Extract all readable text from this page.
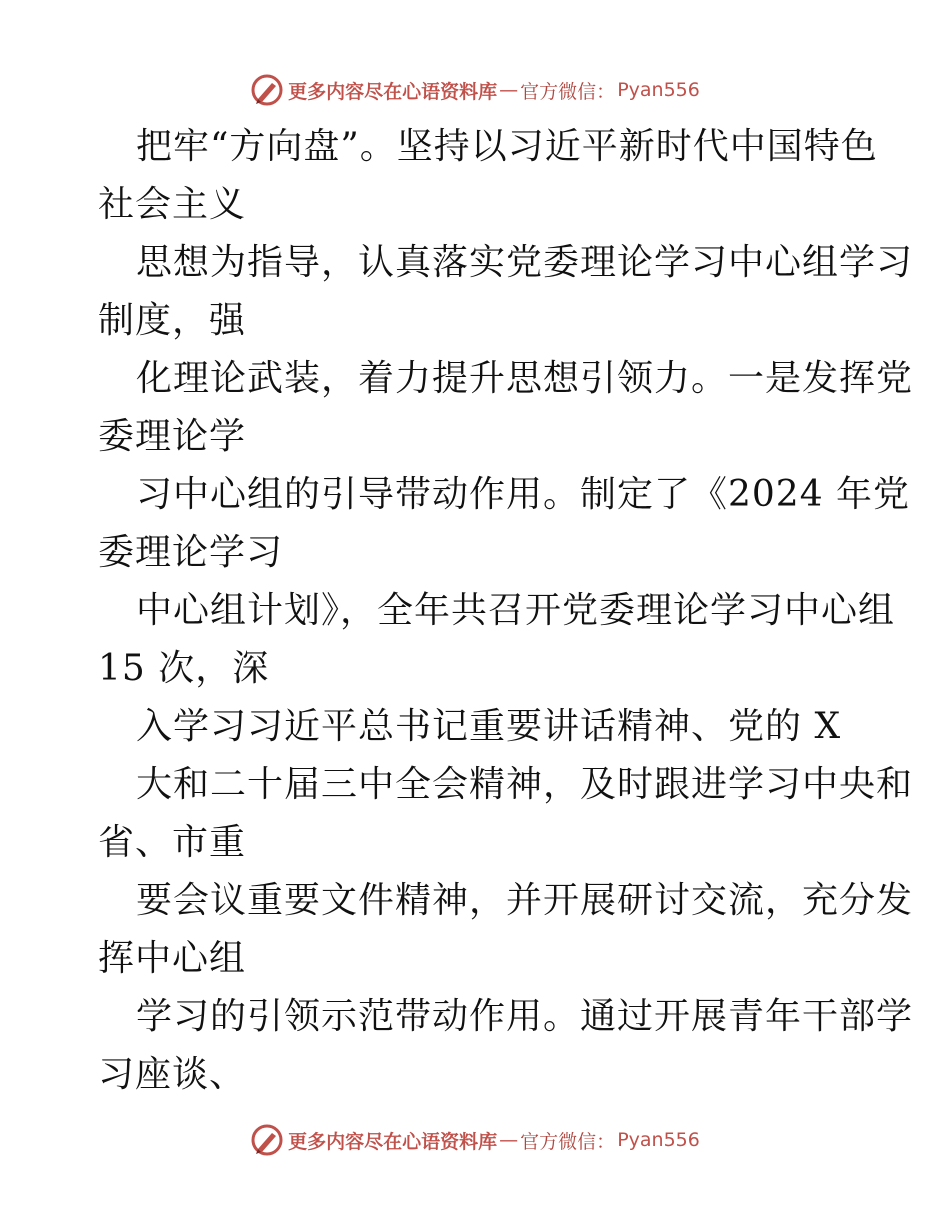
更多内容尽在心语资料库 — 官方微信： Pyan556
把牢“方向盘”。坚持以习近平新时代中国特色
社会主义
思想为指导，认真落实党委理论学习中心组学习
制度，强
化理论武装，着力提升思想引领力。一是发挥党
委理论学
习中心组的引导带动作用。制定了《2024 年党
委理论学习
中心组计划》，全年共召开党委理论学习中心组
15 次，深
入学习习近平总书记重要讲话精神、党的 X
大和二十届三中全会精神，及时跟进学习中央和
省、市重
要会议重要文件精神，并开展研讨交流，充分发
挥中心组
学习的引领示范带动作用。通过开展青年干部学
习座谈、
更多内容尽在心语资料库 — 官方微信： Pyan556
